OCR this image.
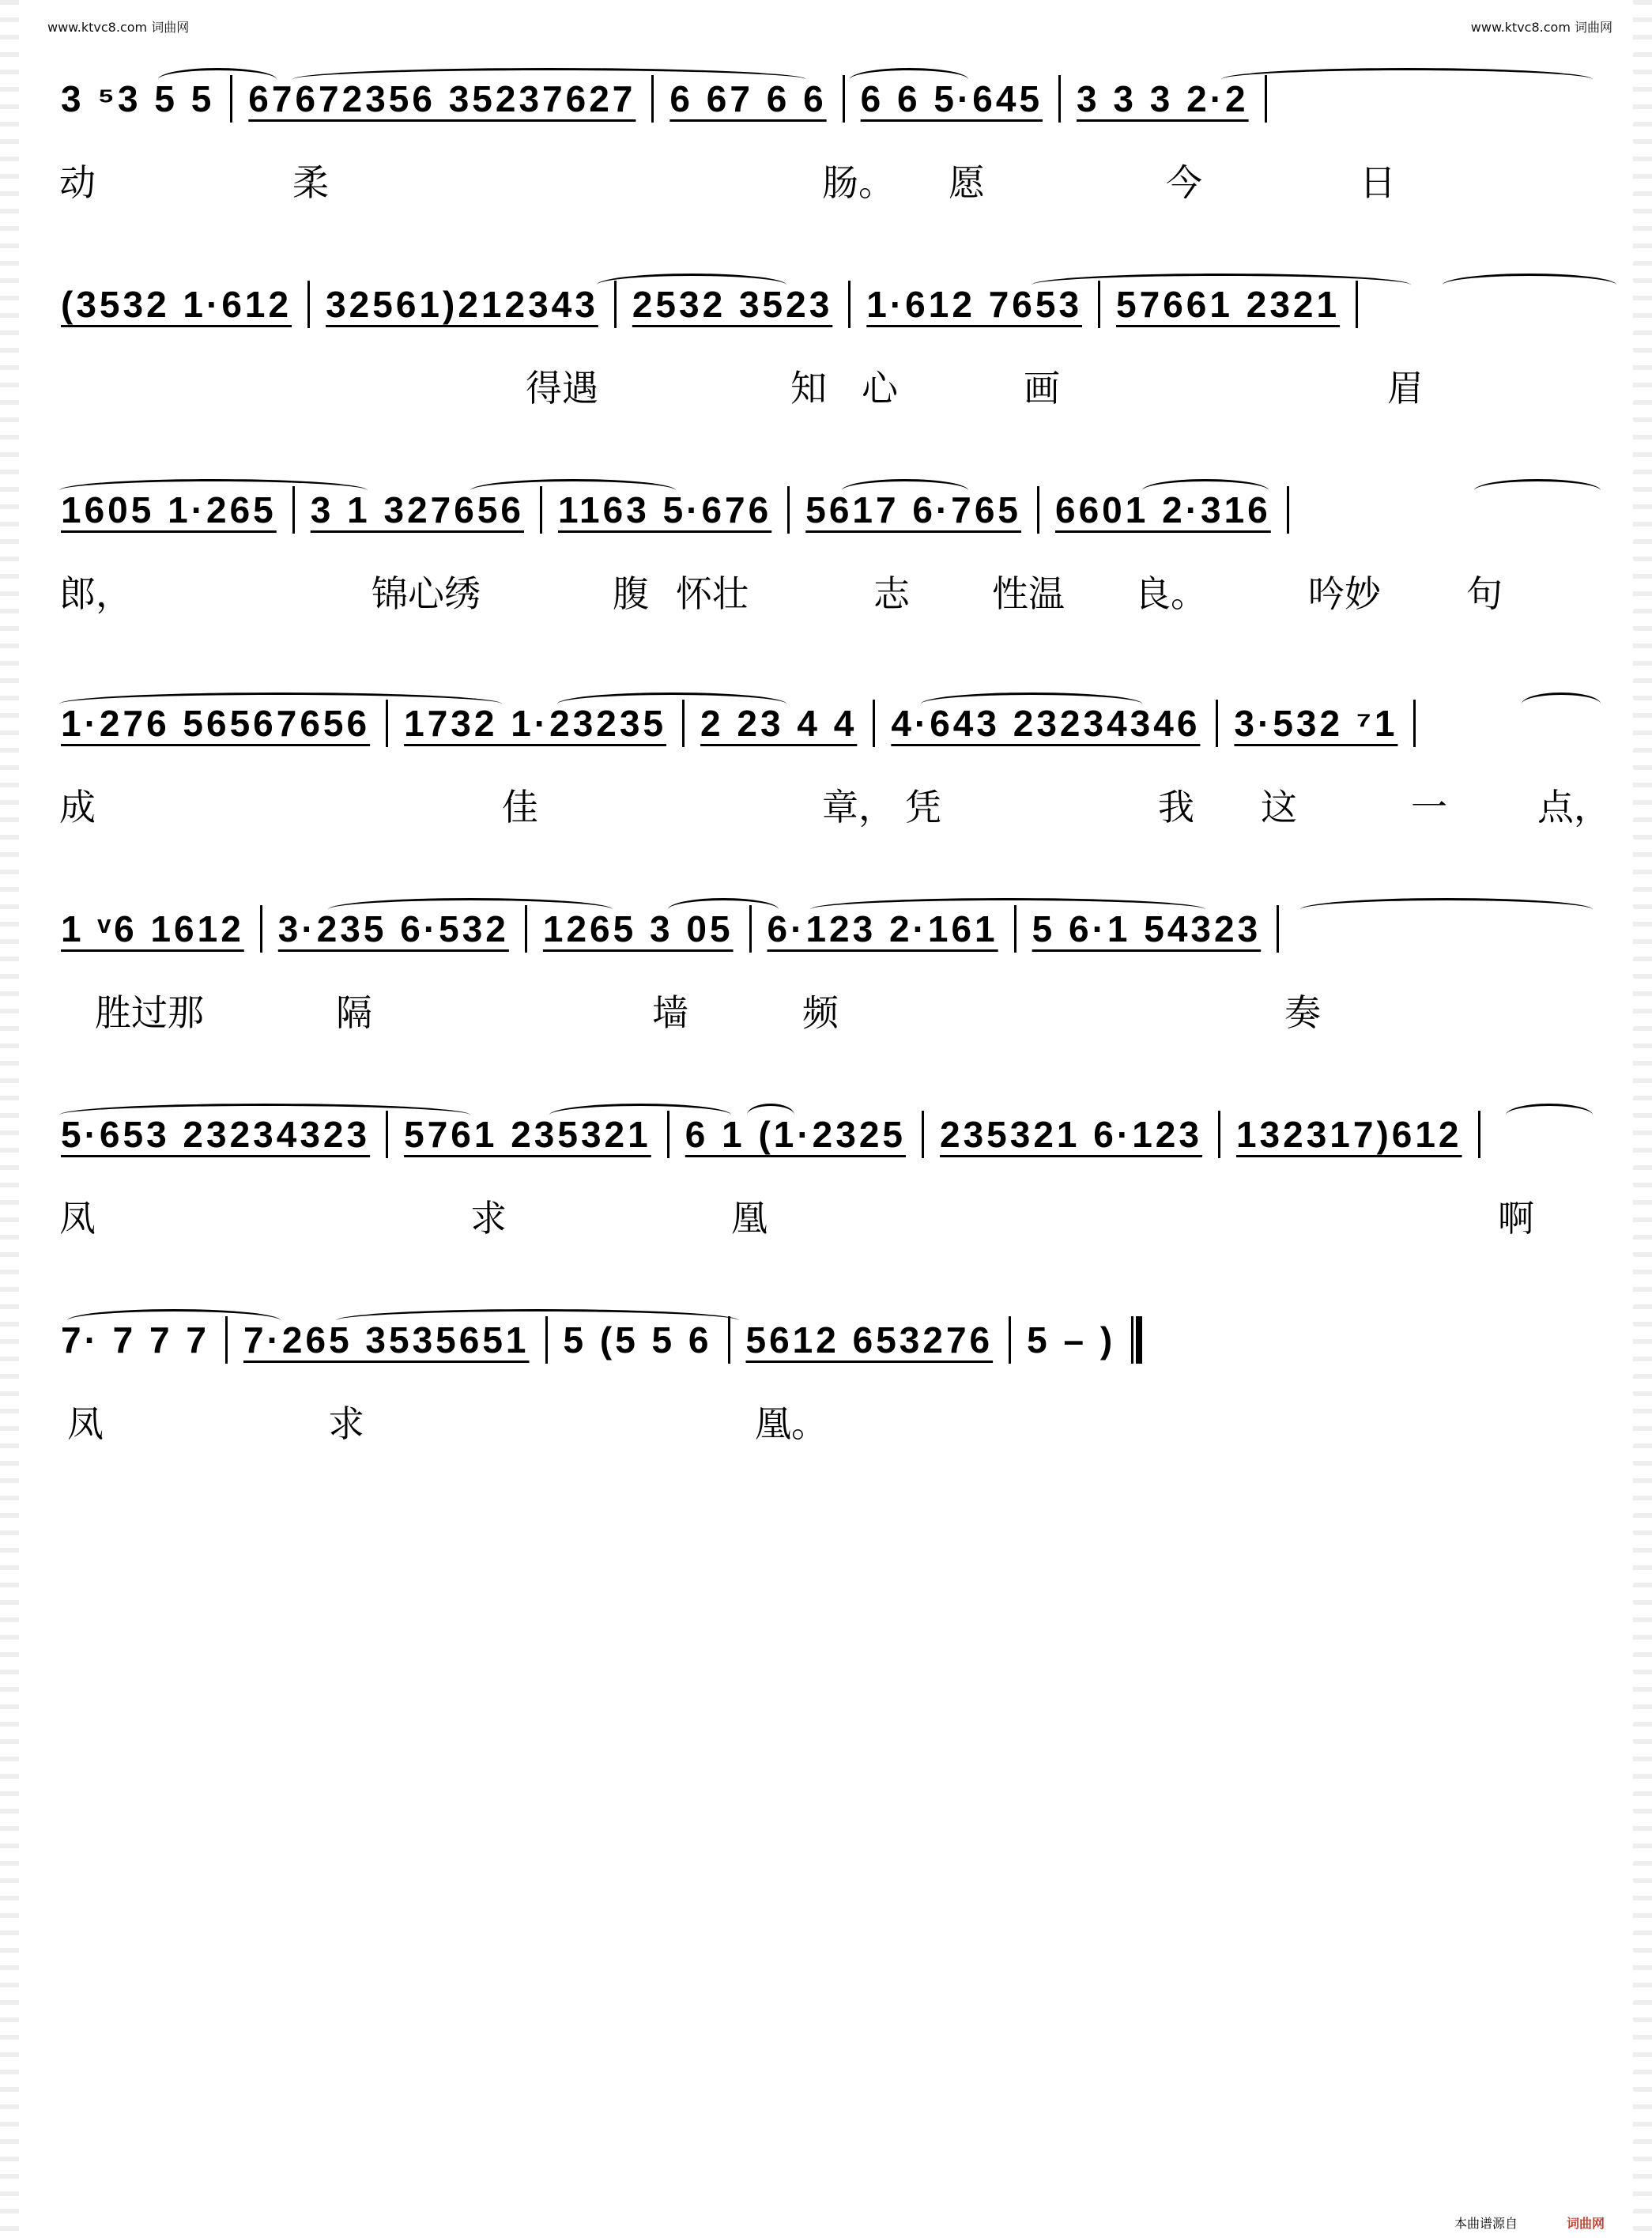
www.ktvc8.com 词曲网	www.ktvc8.com 词曲网
3 ⁵3 5 5 67672356 35237627 6 67 6 6 6 6 5·645 3 3 3 2·2
动	柔	肠。 愿	今	日
(3532 1·612 32561)212343 2532 3523 1·612 7653 57661 2321
得遇	知 心	画	眉
1605 1·265 3 1 327656 1163 5·676 5617 6·765 6601 2·316
郎，	锦心绣	腹 怀壮	志 性温 良。	吟妙 句
1·276 56567656 1732 1·23235 2 23 4 4 4·643 23234346 3·532 ⁷1
成	佳	章， 凭	我 这	一 点，
1 ᵛ6 1612 3·235 6·532 1265 3 05 6·123 2·161 5 6·1 54323
胜过那	隔	墙	频	奏
5·653 23234323 5761 235321 6 1 (1·2325 235321 6·123 132317)612
凤	求	凰	啊
7· 7 7 7 7·265 3535651 5 (5 5 6 5612 653276 5 – )
凤	求	凰。
本曲谱源自	词曲网
